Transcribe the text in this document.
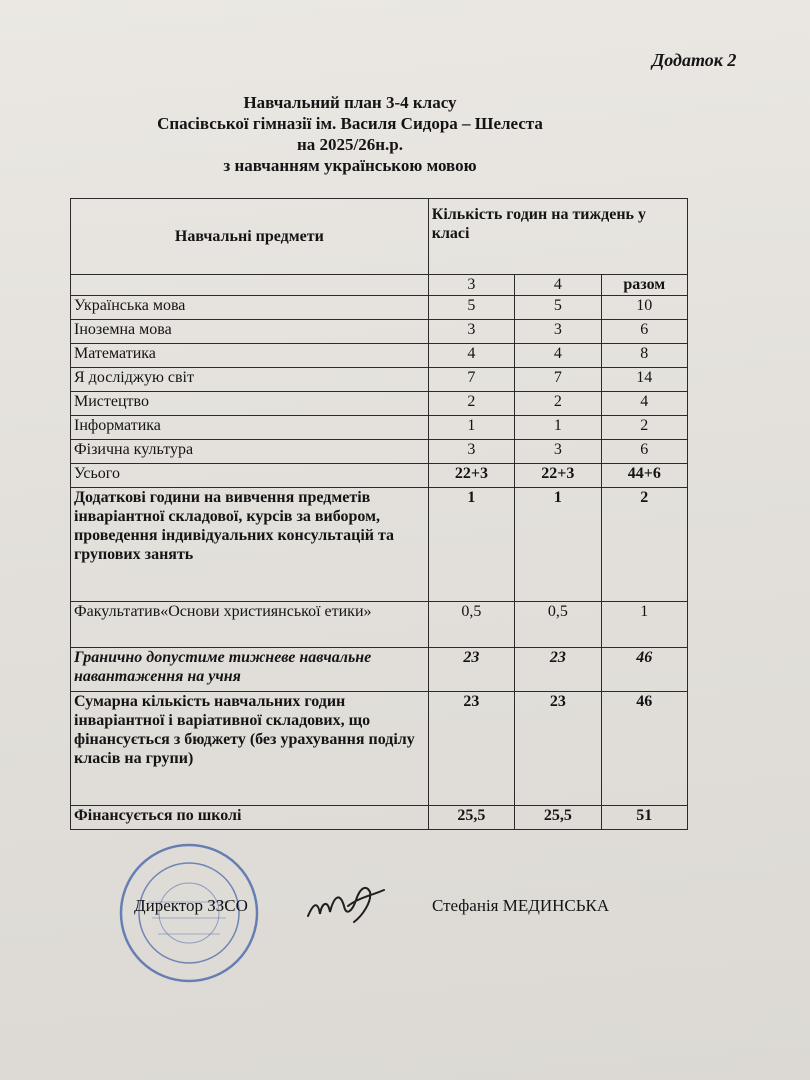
Додаток 2
Навчальний план 3-4 класу
Спасівської гімназії ім. Василя Сидора – Шелеста
на 2025/26н.р.
з навчанням українською мовою
Навчальні предмети	Кількість годин на тиждень у класі		
	3	4	разом
Українська мова	5	5	10
Іноземна мова	3	3	6
Математика	4	4	8
Я досліджую світ	7	7	14
Мистецтво	2	2	4
Інформатика	1	1	2
Фізична культура	3	3	6
Усього	22+3	22+3	44+6
Додаткові години на вивчення предметів інваріантної складової, курсів за вибором, проведення індивідуальних консультацій та групових занять	1	1	2
Факультатив«Основи християнської етики»	0,5	0,5	1
Гранично допустиме тижневе навчальне навантаження на учня	23	23	46
Сумарна кількість навчальних годин інваріантної і варіативної складових, що фінансується з бюджету (без урахування поділу класів на групи)	23	23	46
Фінансується по школі	25,5	25,5	51
Директор ЗЗСО	Стефанія МЕДИНСЬКА
